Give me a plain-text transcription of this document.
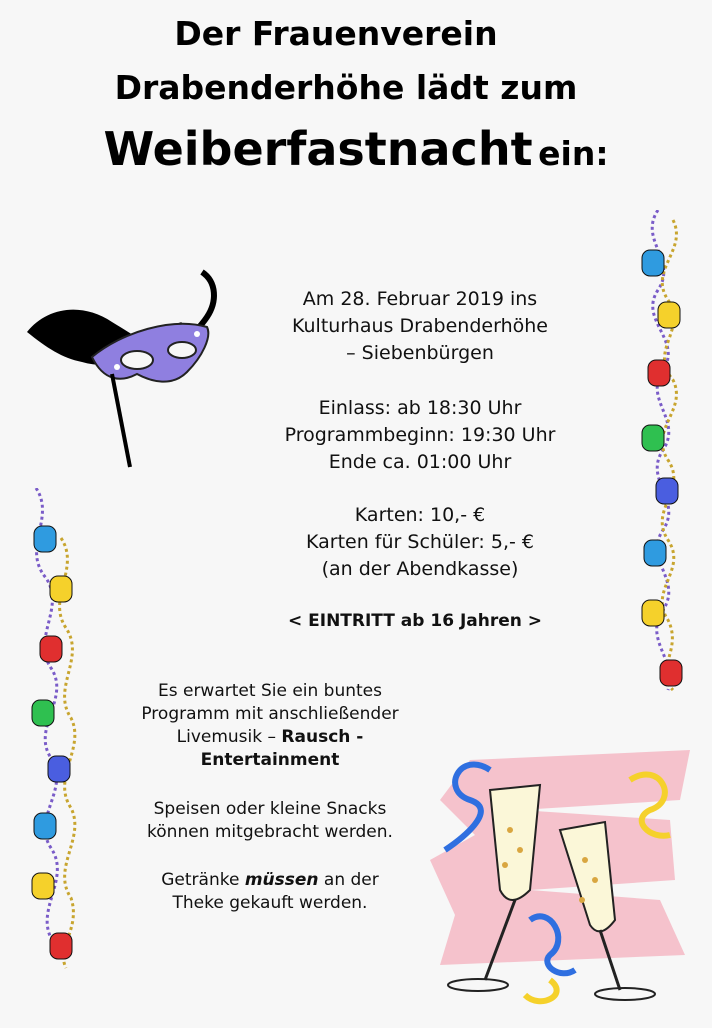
Der Frauenverein
Drabenderhöhe lädt zum
Weiberfastnacht ein:
Am 28. Februar 2019 ins
Kulturhaus Drabenderhöhe
– Siebenbürgen
Einlass: ab 18:30 Uhr
Programmbeginn: 19:30 Uhr
Ende ca. 01:00 Uhr
Karten: 10,- €
Karten für Schüler: 5,- €
(an der Abendkasse)
< EINTRITT ab 16 Jahren >
Es erwartet Sie ein buntes
Programm mit anschließender
Livemusik – Rausch -
Entertainment
Speisen oder kleine Snacks
können mitgebracht werden.
Getränke müssen an der
Theke gekauft werden.
